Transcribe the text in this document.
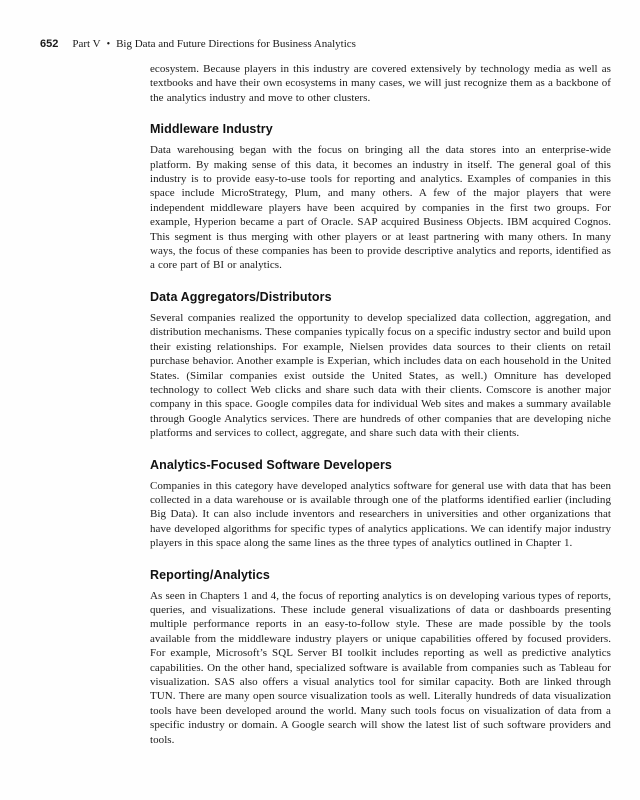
652 Part V • Big Data and Future Directions for Business Analytics

ecosystem. Because players in this industry are covered extensively by technology media as well as textbooks and have their own ecosystems in many cases, we will just recognize them as a backbone of the analytics industry and move to other clusters.

Middleware Industry

Data warehousing began with the focus on bringing all the data stores into an enterprise-wide platform. By making sense of this data, it becomes an industry in itself. The general goal of this industry is to provide easy-to-use tools for reporting and analytics. Examples of companies in this space include MicroStrategy, Plum, and many others. A few of the major players that were independent middleware players have been acquired by companies in the first two groups. For example, Hyperion became a part of Oracle. SAP acquired Business Objects. IBM acquired Cognos. This segment is thus merging with other players or at least partnering with many others. In many ways, the focus of these companies has been to provide descriptive analytics and reports, identified as a core part of BI or analytics.

Data Aggregators/Distributors

Several companies realized the opportunity to develop specialized data collection, aggregation, and distribution mechanisms. These companies typically focus on a specific industry sector and build upon their existing relationships. For example, Nielsen provides data sources to their clients on retail purchase behavior. Another example is Experian, which includes data on each household in the United States. (Similar companies exist outside the United States, as well.) Omniture has developed technology to collect Web clicks and share such data with their clients. Comscore is another major company in this space. Google compiles data for individual Web sites and makes a summary available through Google Analytics services. There are hundreds of other companies that are developing niche platforms and services to collect, aggregate, and share such data with their clients.

Analytics-Focused Software Developers

Companies in this category have developed analytics software for general use with data that has been collected in a data warehouse or is available through one of the platforms identified earlier (including Big Data). It can also include inventors and researchers in universities and other organizations that have developed algorithms for specific types of analytics applications. We can identify major industry players in this space along the same lines as the three types of analytics outlined in Chapter 1.

Reporting/Analytics

As seen in Chapters 1 and 4, the focus of reporting analytics is on developing various types of reports, queries, and visualizations. These include general visualizations of data or dashboards presenting multiple performance reports in an easy-to-follow style. These are made possible by the tools available from the middleware industry players or unique capabilities offered by focused providers. For example, Microsoft’s SQL Server BI toolkit includes reporting as well as predictive analytics capabilities. On the other hand, specialized software is available from companies such as Tableau for visualization. SAS also offers a visual analytics tool for similar capacity. Both are linked through TUN. There are many open source visualization tools as well. Literally hundreds of data visualization tools have been developed around the world. Many such tools focus on visualization of data from a specific industry or domain. A Google search will show the latest list of such software providers and tools.
